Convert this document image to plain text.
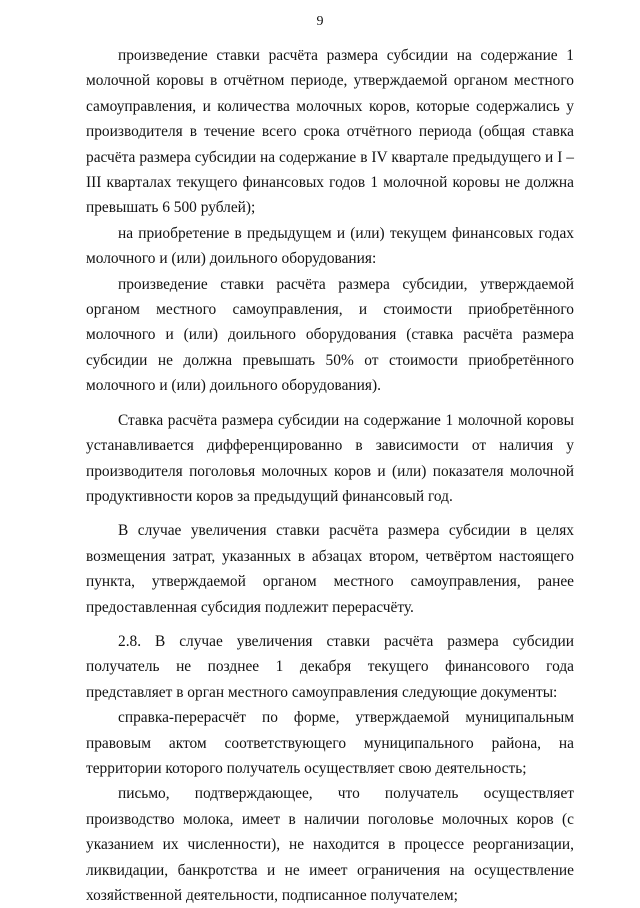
9

произведение ставки расчёта размера субсидии на содержание 1 молочной коровы в отчётном периоде, утверждаемой органом местного самоуправления, и количества молочных коров, которые содержались у производителя в течение всего срока отчётного периода (общая ставка расчёта размера субсидии на содержание в IV квартале предыдущего и I – III кварталах текущего финансовых годов 1 молочной коровы не должна превышать 6 500 рублей);

на приобретение в предыдущем и (или) текущем финансовых годах молочного и (или) доильного оборудования:

произведение ставки расчёта размера субсидии, утверждаемой органом местного самоуправления, и стоимости приобретённого молочного и (или) доильного оборудования (ставка расчёта размера субсидии не должна превышать 50% от стоимости приобретённого молочного и (или) доильного оборудования).

Ставка расчёта размера субсидии на содержание 1 молочной коровы устанавливается дифференцированно в зависимости от наличия у производителя поголовья молочных коров и (или) показателя молочной продуктивности коров за предыдущий финансовый год.

В случае увеличения ставки расчёта размера субсидии в целях возмещения затрат, указанных в абзацах втором, четвёртом настоящего пункта, утверждаемой органом местного самоуправления, ранее предоставленная субсидия подлежит перерасчёту.

2.8. В случае увеличения ставки расчёта размера субсидии получатель не позднее 1 декабря текущего финансового года представляет в орган местного самоуправления следующие документы:

справка-перерасчёт по форме, утверждаемой муниципальным правовым актом соответствующего муниципального района, на территории которого получатель осуществляет свою деятельность;

письмо, подтверждающее, что получатель осуществляет производство молока, имеет в наличии поголовье молочных коров (с указанием их численности), не находится в процессе реорганизации, ликвидации, банкротства и не имеет ограничения на осуществление хозяйственной деятельности, подписанное получателем;
